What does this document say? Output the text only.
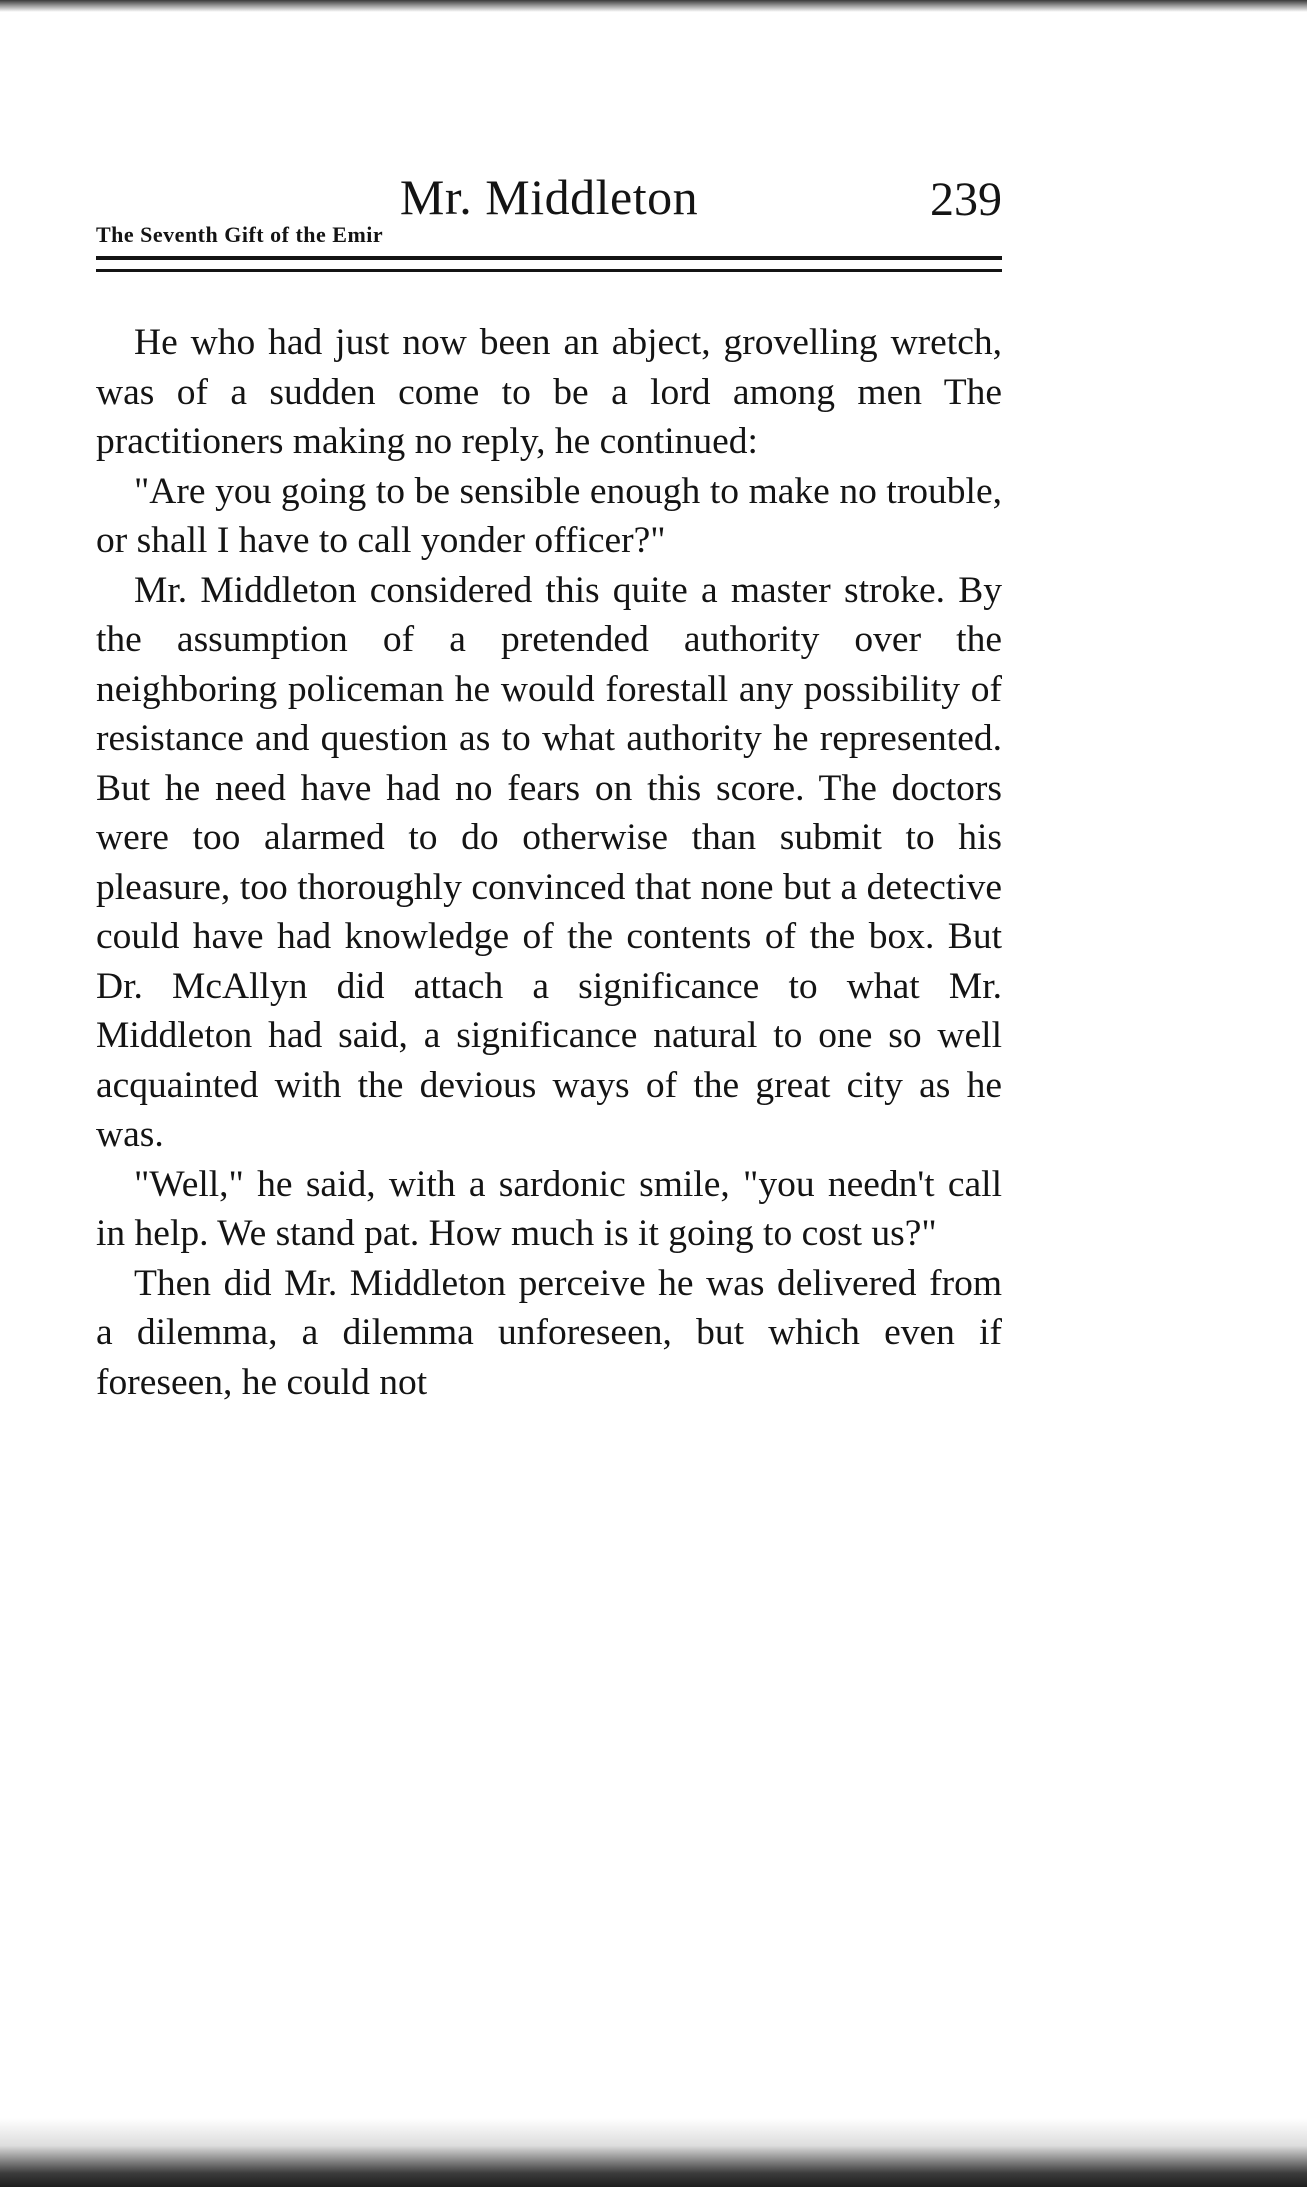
Mr. Middleton	239
The Seventh Gift of the Emir

He who had just now been an abject, grovelling wretch, was of a sudden come to be a lord among men The practitioners making no reply, he continued:

"Are you going to be sensible enough to make no trouble, or shall I have to call yonder officer?"

Mr. Middleton considered this quite a master stroke. By the assumption of a pretended authority over the neighboring policeman he would forestall any possibility of resistance and question as to what authority he represented. But he need have had no fears on this score. The doctors were too alarmed to do otherwise than submit to his pleasure, too thoroughly convinced that none but a detective could have had knowledge of the contents of the box. But Dr. McAllyn did attach a significance to what Mr. Middleton had said, a significance natural to one so well acquainted with the devious ways of the great city as he was.

"Well," he said, with a sardonic smile, "you needn't call in help. We stand pat. How much is it going to cost us?"

Then did Mr. Middleton perceive he was delivered from a dilemma, a dilemma unforeseen, but which even if foreseen, he could not
